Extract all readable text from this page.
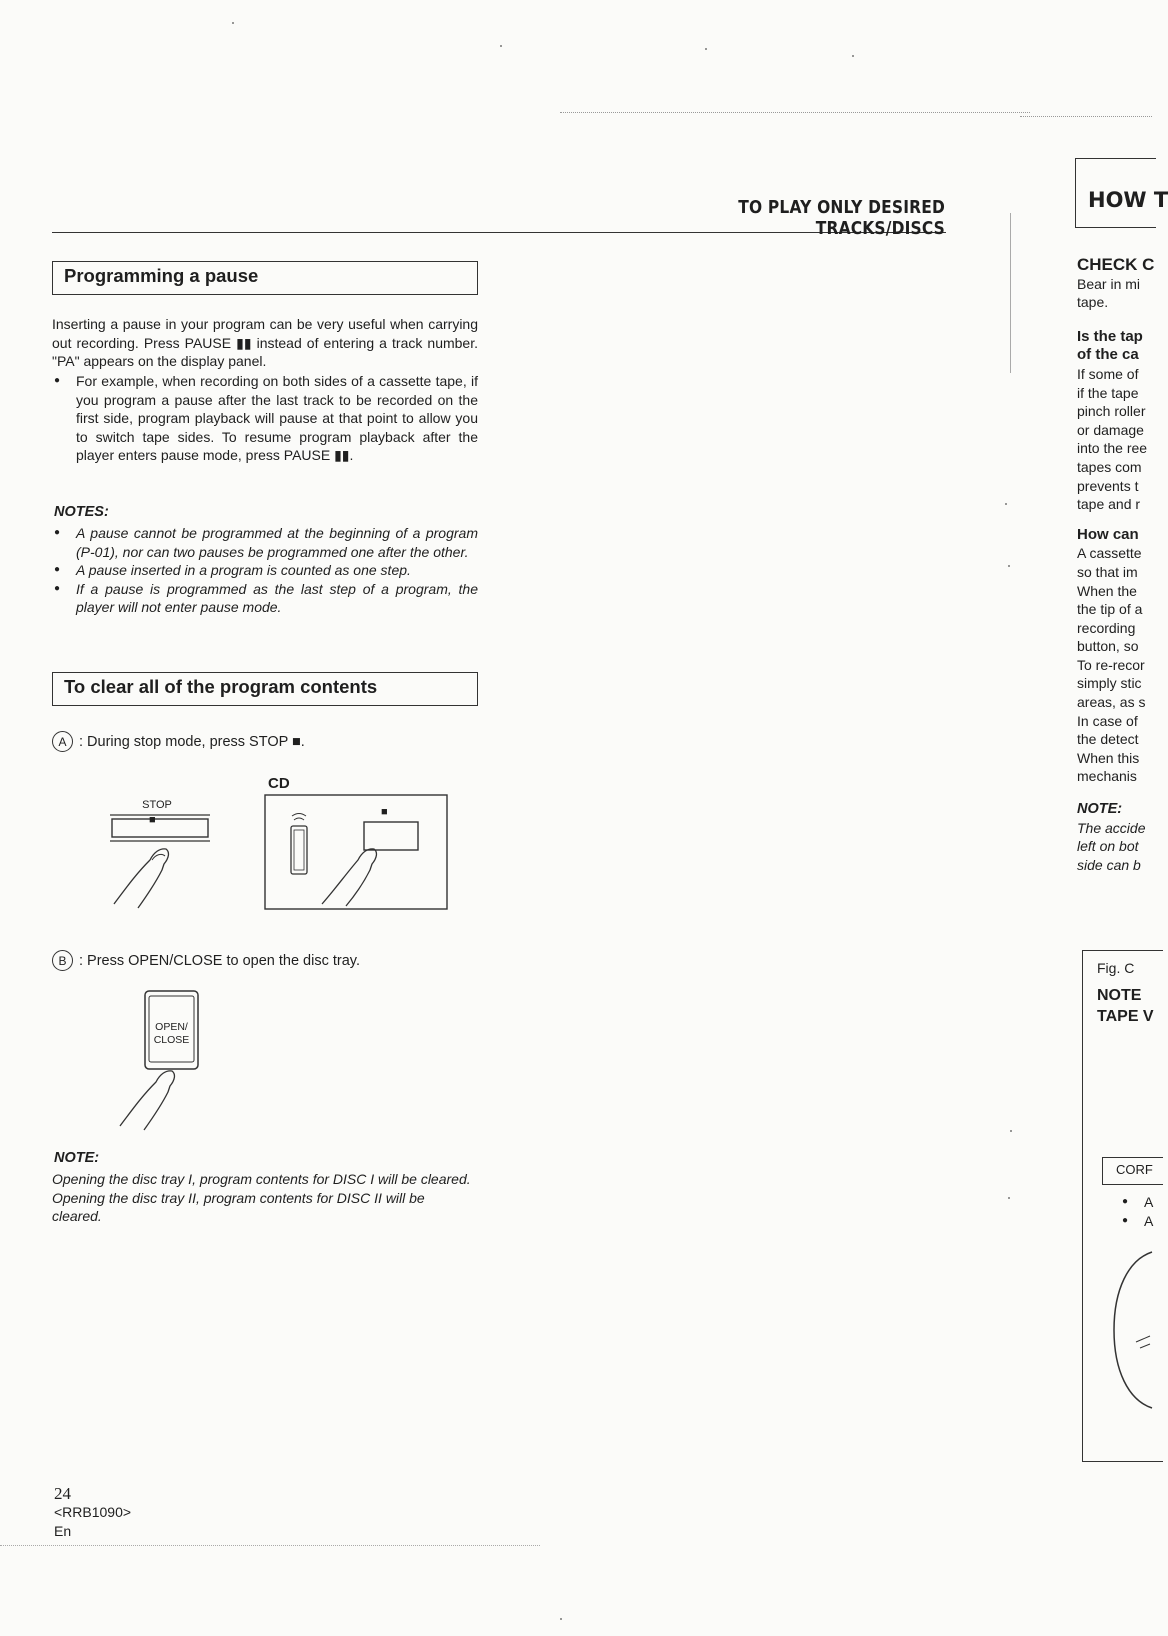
TO PLAY ONLY DESIRED TRACKS/DISCS
Programming a pause
Inserting a pause in your program can be very useful when carrying out recording. Press PAUSE ▮▮ instead of entering a track number. "PA" appears on the display panel.
● For example, when recording on both sides of a cassette tape, if you program a pause after the last track to be recorded on the first side, program playback will pause at that point to allow you to switch tape sides. To resume program playback after the player enters pause mode, press PAUSE ▮▮.
NOTES:
● A pause cannot be programmed at the beginning of a program (P-01), nor can two pauses be programmed one after the other.
● A pause inserted in a program is counted as one step.
● If a pause is programmed as the last step of a program, the player will not enter pause mode.
To clear all of the program contents
A : During stop mode, press STOP ■.
STOP
■
CD
■
B : Press OPEN/CLOSE to open the disc tray.
OPEN/
CLOSE
NOTE:
Opening the disc tray I, program contents for DISC I will be cleared.
Opening the disc tray II, program contents for DISC II will be cleared.
24
<RRB1090>
En
HOW T
CHECK C
Bear in mi
tape.
Is the tap
of the ca
If some of
if the tape
pinch roller
or damage
into the ree
tapes com
prevents t
tape and r
How can
A cassette
so that im
When the
the tip of a
recording
button, so
To re-recor
simply stic
areas, as s
In case of
the detect
When this
mechanis
NOTE:
The accide
left on bot
side can b
Fig. C
NOTE
TAPE V
CORF
● A
● A
